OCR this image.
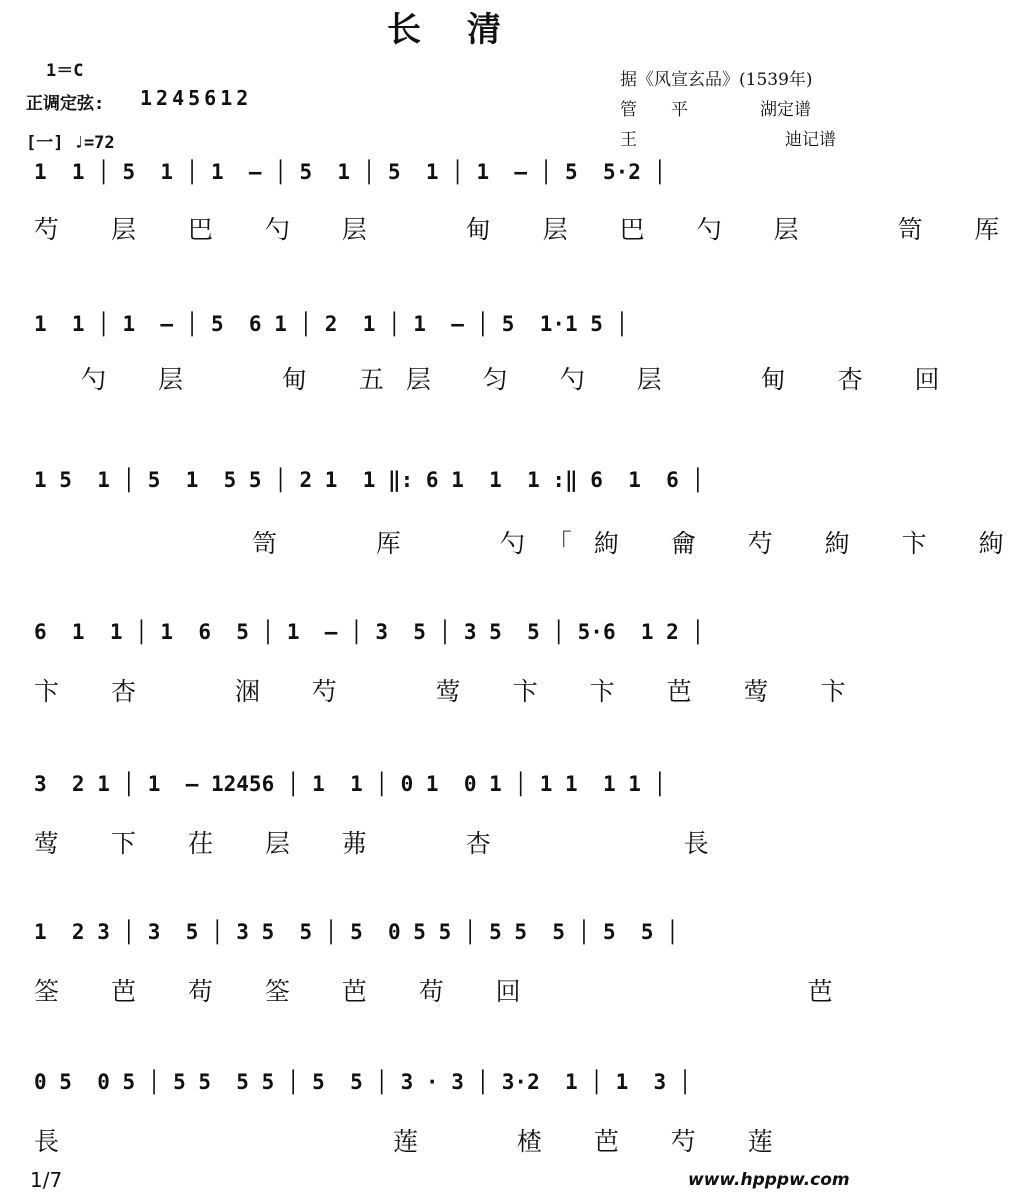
长清
1＝C
正调定弦: 1245612
[一] ♩=72
据《风宣玄品》(1539年)
管　　平	湖定谱
王	迪记谱
1  1 │ 5  1 │ 1  — │ 5  1 │ 5  1 │ 1  — │ 5  5·2 │
芍 层 巴 勺 层　 甸 层 巴 勺 层　 笥 厍
1  1 │ 1  — │ 5  6 1 │ 2  1 │ 1  — │ 5  1·1 5 │
　勺 层　 甸 五层 匀 勺 层　 甸 杏 回
1 5  1 │ 5  1  5 5 │ 2 1  1 ‖: 6 1  1  1 :‖ 6  1  6 │
　　　　 笥　 厍　 勺「絇 龠 芍 絇 卞 絇
6  1  1 │ 1  6  5 │ 1  — │ 3  5 │ 3 5  5 │ 5·6  1 2 │
卞 杏　 涃 芍　 莺 卞 卞 芭 莺 卞
3  2 1 │ 1  — 12456 │ 1  1 │ 0 1  0 1 │ 1 1  1 1 │
莺 下 茌 层 茀　 杏　　　 長
1  2 3 │ 3  5 │ 3 5  5 │ 5  0 5 5 │ 5 5  5 │ 5  5 │
筌 芭 苟 筌 芭 苟 回　　　　　 芭
0 5  0 5 │ 5 5  5 5 │ 5  5 │ 3 · 3 │ 3·2  1 │ 1  3 │
長　　　　　　 莲　 楂 芭 芍 莲
1/7	www.hpppw.com
